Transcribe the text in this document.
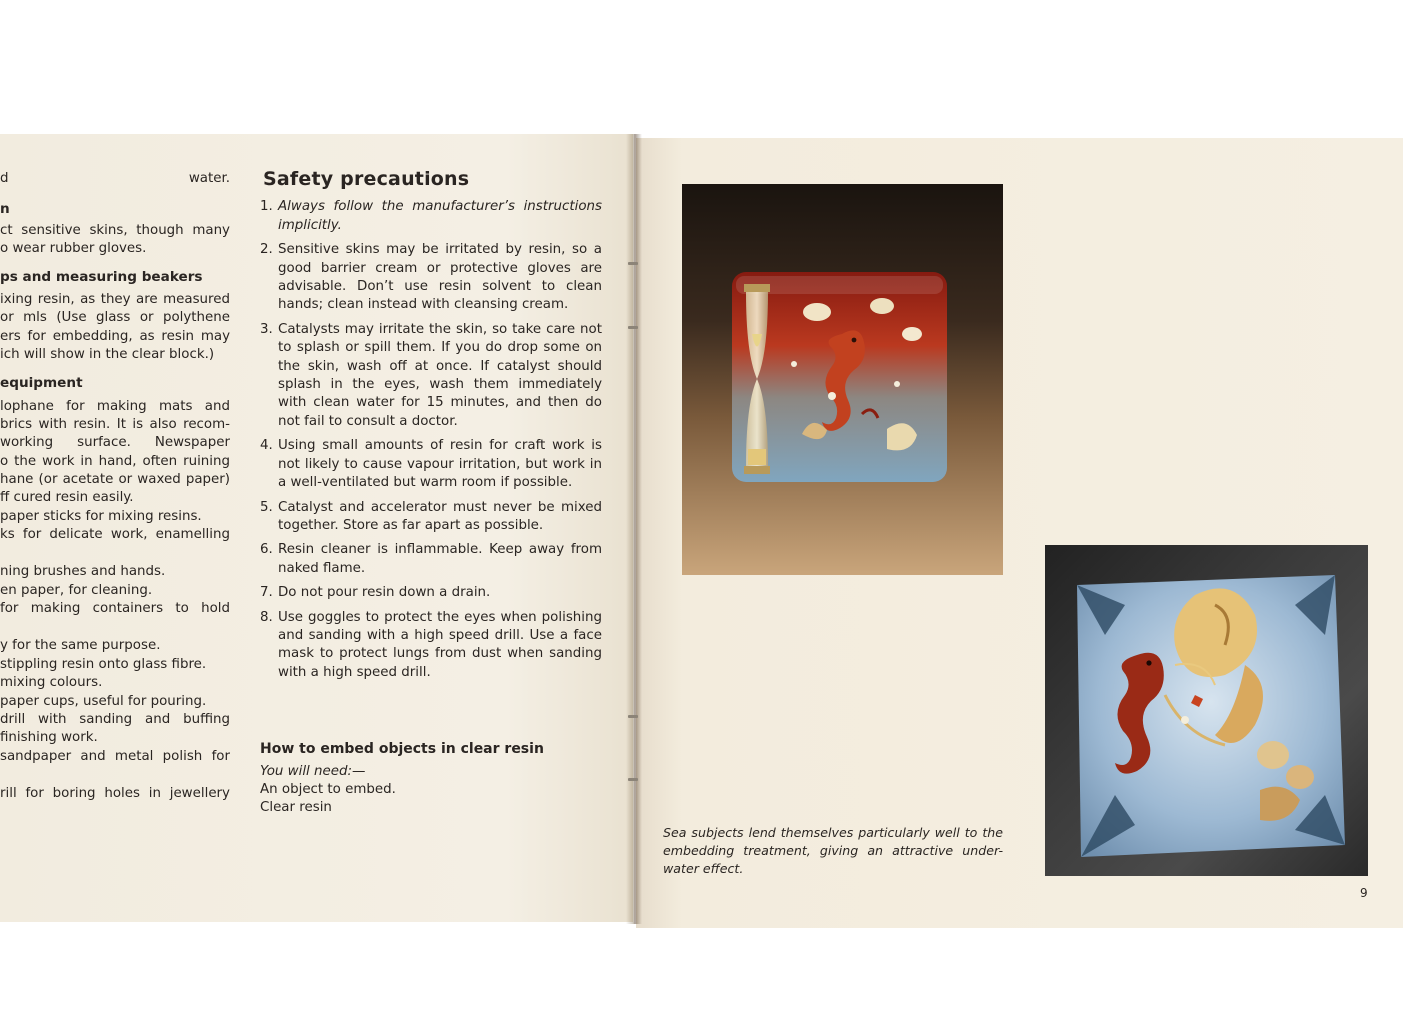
d water.
n
ct sensitive skins, though many
o wear rubber gloves.
ps and measuring beakers
ixing resin, as they are measured
or mls (Use glass or polythene
ers for embedding, as resin may
ich will show in the clear block.)
equipment
lophane for making mats and
brics with resin. It is also recom-
working surface. Newspaper
o the work in hand, often ruining
hane (or acetate or waxed paper)
ff cured resin easily.
paper sticks for mixing resins.
ks for delicate work, enamelling
ning brushes and hands.
en paper, for cleaning.
for making containers to hold
y for the same purpose.
stippling resin onto glass fibre.
mixing colours.
paper cups, useful for pouring.
drill with sanding and buffing
finishing work.
sandpaper and metal polish for
rill for boring holes in jewellery
Safety precautions
1. Always follow the manufacturer’s instructions implicitly.
2. Sensitive skins may be irritated by resin, so a good barrier cream or protective gloves are advisable. Don’t use resin solvent to clean hands; clean instead with cleansing cream.
3. Catalysts may irritate the skin, so take care not to splash or spill them. If you do drop some on the skin, wash off at once. If catalyst should splash in the eyes, wash them immediately with clean water for 15 minutes, and then do not fail to consult a doctor.
4. Using small amounts of resin for craft work is not likely to cause vapour irritation, but work in a well-ventilated but warm room if possible.
5. Catalyst and accelerator must never be mixed together. Store as far apart as possible.
6. Resin cleaner is inflammable. Keep away from naked flame.
7. Do not pour resin down a drain.
8. Use goggles to protect the eyes when polishing and sanding with a high speed drill. Use a face mask to protect lungs from dust when sanding with a high speed drill.
How to embed objects in clear resin

You will need:—

An object to embed.

Clear resin

Sea subjects lend themselves particularly well to the embedding treatment, giving an attractive under-water effect.
9
